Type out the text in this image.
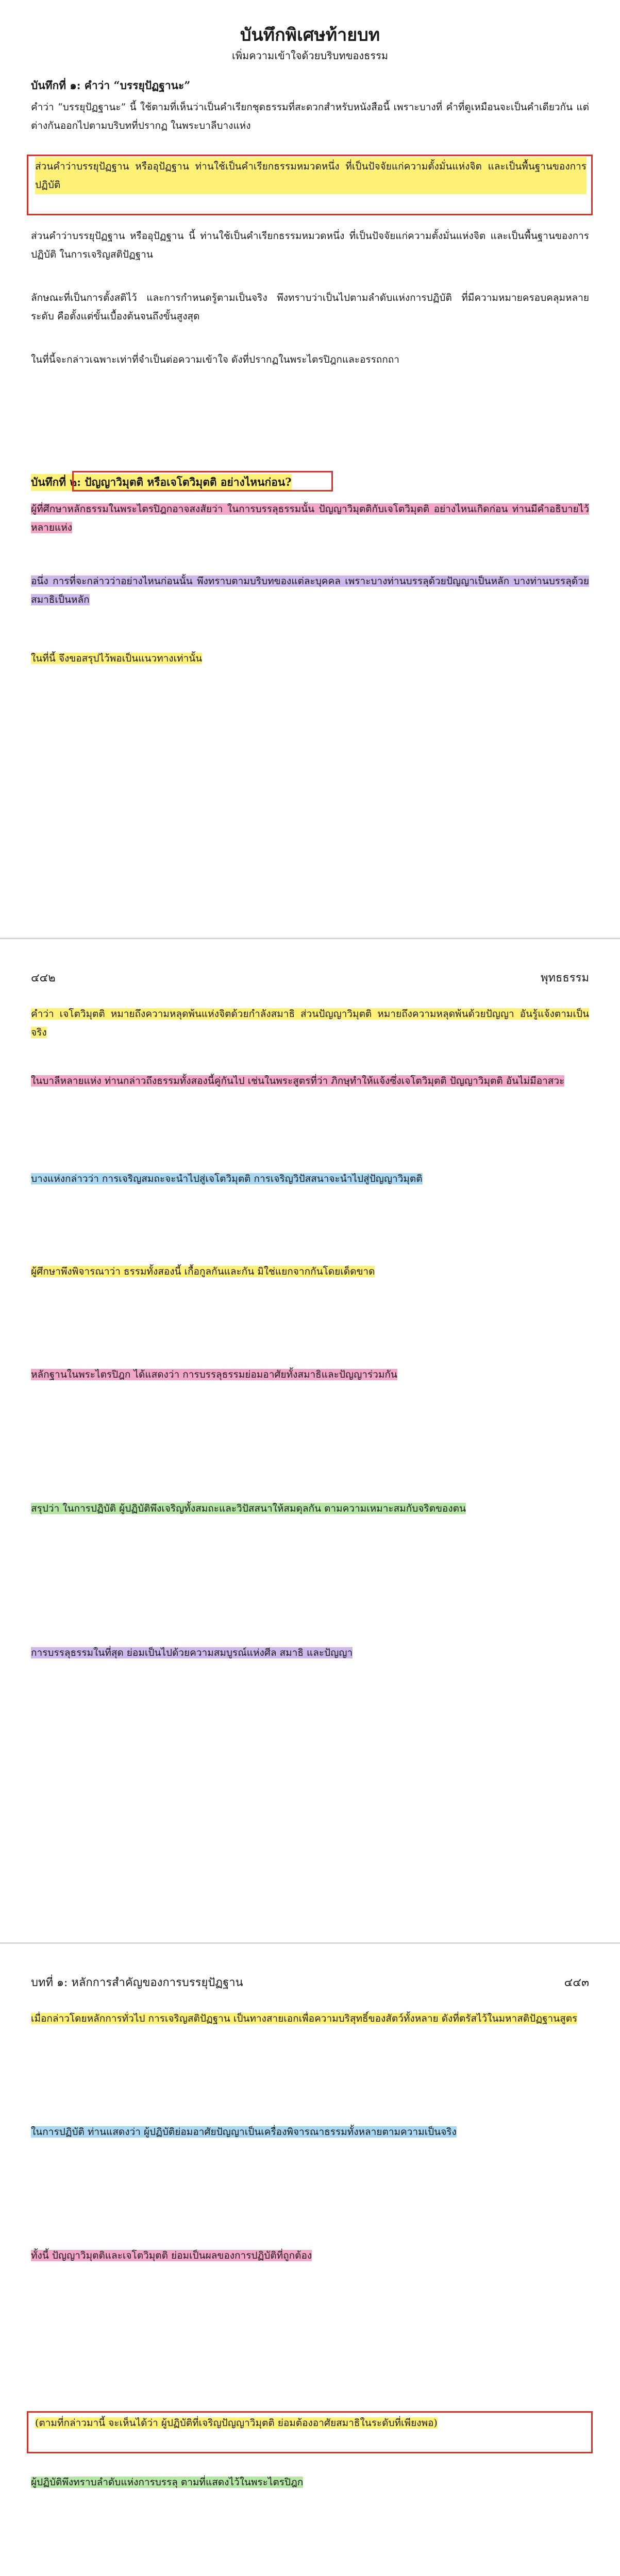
บันทึกพิเศษท้ายบท
เพิ่มความเข้าใจด้วยบริบทของธรรม
บันทึกที่ ๑: คำว่า “บรรยุปัฏฐานะ”
คำว่า “บรรยุปัฏฐานะ” นี้ ใช้ตามที่เห็นว่าเป็นคำเรียกชุดธรรมที่สะดวกสำหรับหนังสือนี้ เพราะบางที่ คำที่ดูเหมือนจะเป็นคำเดียวกัน แต่ต่างกันออกไปตามบริบทที่ปรากฏ ในพระบาลีบางแห่ง
ส่วนคำว่าบรรยุปัฏฐาน หรืออุปัฏฐาน ท่านใช้เป็นคำเรียกธรรมหมวดหนึ่ง ที่เป็นปัจจัยแก่ความตั้งมั่นแห่งจิต และเป็นพื้นฐานของการปฏิบัติ
ส่วนคำว่าบรรยุปัฏฐาน หรืออุปัฏฐาน นี้ ท่านใช้เป็นคำเรียกธรรมหมวดหนึ่ง ที่เป็นปัจจัยแก่ความตั้งมั่นแห่งจิต และเป็นพื้นฐานของการปฏิบัติ ในการเจริญสติปัฏฐาน
ลักษณะที่เป็นการตั้งสติไว้ และการกำหนดรู้ตามเป็นจริง พึงทราบว่าเป็นไปตามลำดับแห่งการปฏิบัติ ที่มีความหมายครอบคลุมหลายระดับ คือตั้งแต่ขั้นเบื้องต้นจนถึงขั้นสูงสุด
ในที่นี้จะกล่าวเฉพาะเท่าที่จำเป็นต่อความเข้าใจ ดังที่ปรากฏในพระไตรปิฎกและอรรถกถา
บันทึกที่ ๒: ปัญญาวิมุตติ หรือเจโตวิมุตติ อย่างไหนก่อน?
ผู้ที่ศึกษาหลักธรรมในพระไตรปิฎกอาจสงสัยว่า ในการบรรลุธรรมนั้น ปัญญาวิมุตติกับเจโตวิมุตติ อย่างไหนเกิดก่อน ท่านมีคำอธิบายไว้หลายแห่ง
อนึ่ง การที่จะกล่าวว่าอย่างไหนก่อนนั้น พึงทราบตามบริบทของแต่ละบุคคล เพราะบางท่านบรรลุด้วยปัญญาเป็นหลัก บางท่านบรรลุด้วยสมาธิเป็นหลัก
ในที่นี้ จึงขอสรุปไว้พอเป็นแนวทางเท่านั้น
๔๔๒	พุทธธรรม
คำว่า เจโตวิมุตติ หมายถึงความหลุดพ้นแห่งจิตด้วยกำลังสมาธิ ส่วนปัญญาวิมุตติ หมายถึงความหลุดพ้นด้วยปัญญา อันรู้แจ้งตามเป็นจริง
ในบาลีหลายแห่ง ท่านกล่าวถึงธรรมทั้งสองนี้คู่กันไป เช่นในพระสูตรที่ว่า ภิกษุทำให้แจ้งซึ่งเจโตวิมุตติ ปัญญาวิมุตติ อันไม่มีอาสวะ
บางแห่งกล่าวว่า การเจริญสมถะจะนำไปสู่เจโตวิมุตติ การเจริญวิปัสสนาจะนำไปสู่ปัญญาวิมุตติ
ผู้ศึกษาพึงพิจารณาว่า ธรรมทั้งสองนี้ เกื้อกูลกันและกัน มิใช่แยกจากกันโดยเด็ดขาด
หลักฐานในพระไตรปิฎก ได้แสดงว่า การบรรลุธรรมย่อมอาศัยทั้งสมาธิและปัญญาร่วมกัน
สรุปว่า ในการปฏิบัติ ผู้ปฏิบัติพึงเจริญทั้งสมถะและวิปัสสนาให้สมดุลกัน ตามความเหมาะสมกับจริตของตน
การบรรลุธรรมในที่สุด ย่อมเป็นไปด้วยความสมบูรณ์แห่งศีล สมาธิ และปัญญา
บทที่ ๑: หลักการสำคัญของการบรรยุปัฏฐาน	๔๔๓
เมื่อกล่าวโดยหลักการทั่วไป การเจริญสติปัฏฐาน เป็นทางสายเอกเพื่อความบริสุทธิ์ของสัตว์ทั้งหลาย ดังที่ตรัสไว้ในมหาสติปัฏฐานสูตร
ในการปฏิบัติ ท่านแสดงว่า ผู้ปฏิบัติย่อมอาศัยปัญญาเป็นเครื่องพิจารณาธรรมทั้งหลายตามความเป็นจริง
ทั้งนี้ ปัญญาวิมุตติและเจโตวิมุตติ ย่อมเป็นผลของการปฏิบัติที่ถูกต้อง
(ตามที่กล่าวมานี้ จะเห็นได้ว่า ผู้ปฏิบัติที่เจริญปัญญาวิมุตติ ย่อมต้องอาศัยสมาธิในระดับที่เพียงพอ)
ผู้ปฏิบัติพึงทราบลำดับแห่งการบรรลุ ตามที่แสดงไว้ในพระไตรปิฎก
